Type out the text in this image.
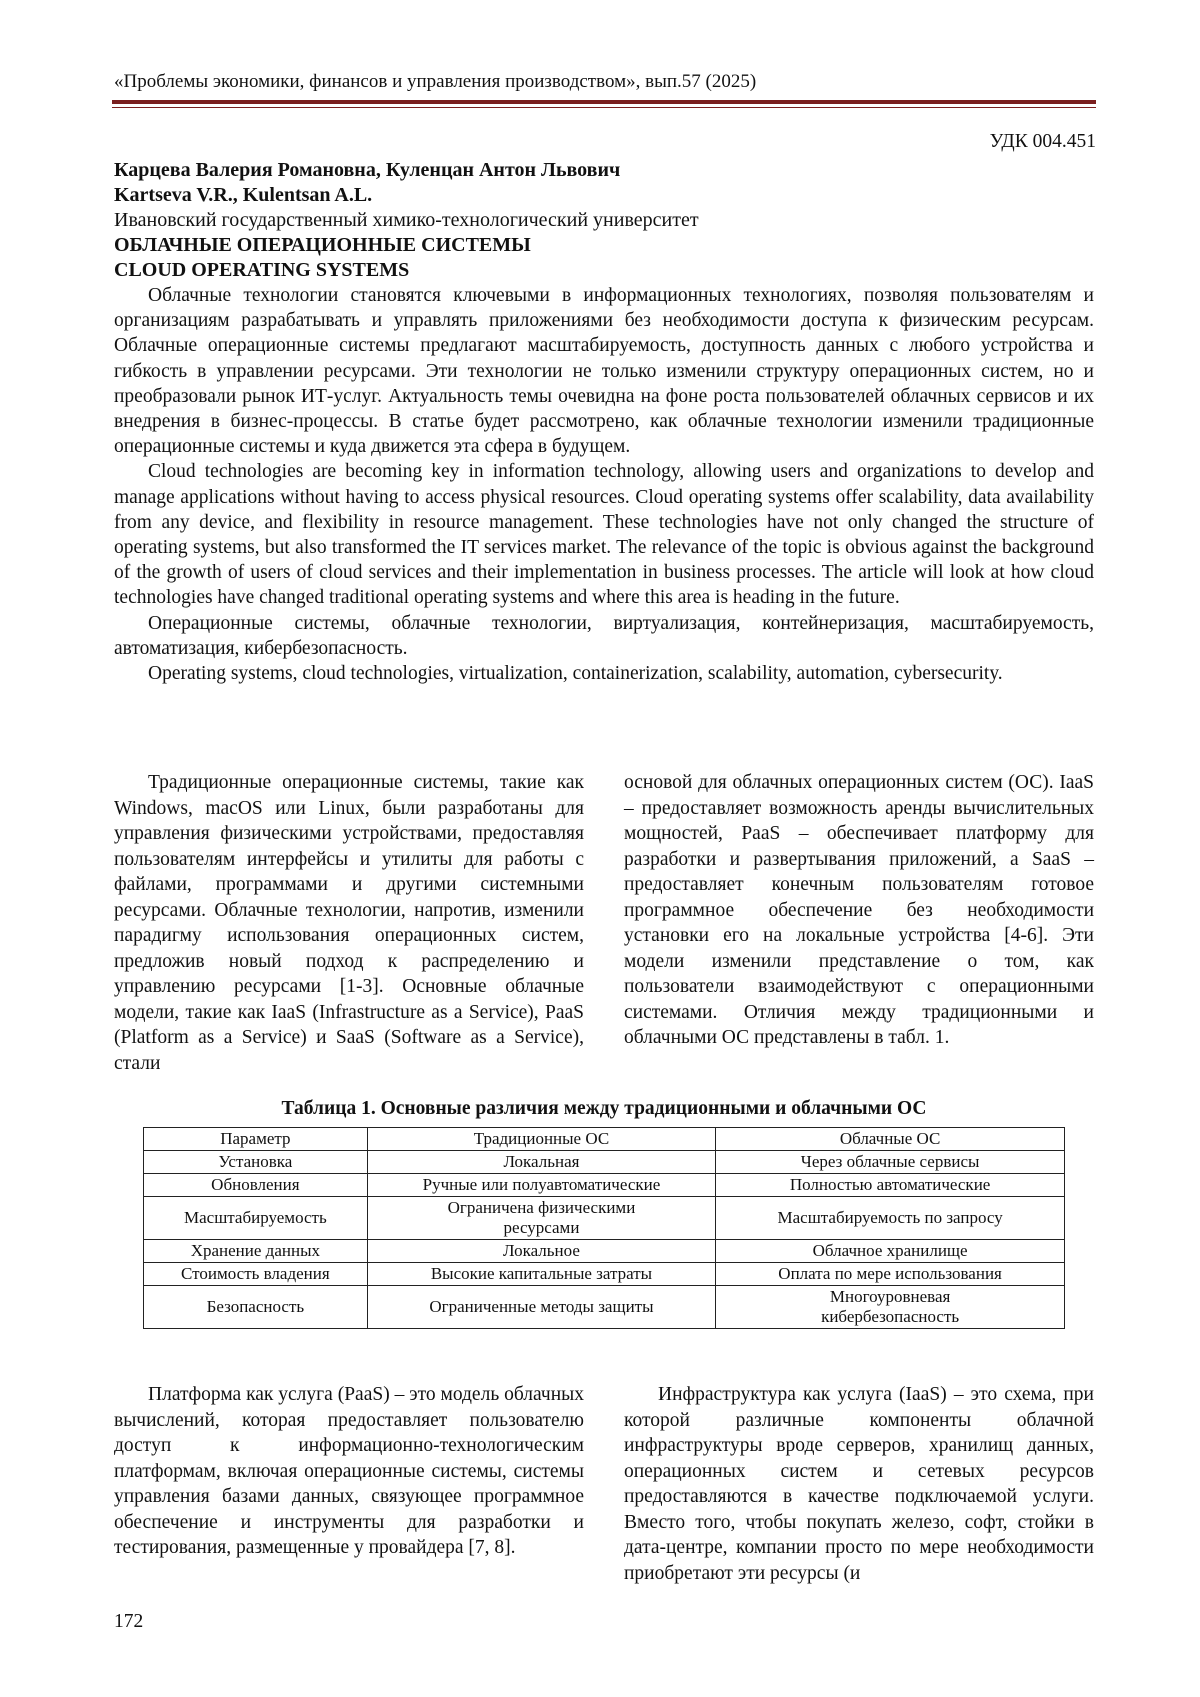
«Проблемы экономики, финансов и управления производством», вып.57 (2025)
УДК 004.451
Карцева Валерия Романовна, Куленцан Антон Львович
Kartseva V.R., Kulentsan A.L.
Ивановский государственный химико-технологический университет
ОБЛАЧНЫЕ ОПЕРАЦИОННЫЕ СИСТЕМЫ
CLOUD OPERATING SYSTEMS

Облачные технологии становятся ключевыми в информационных технологиях, позволяя пользователям и организациям разрабатывать и управлять приложениями без необходимости доступа к физическим ресурсам. Облачные операционные системы предлагают масштабируемость, доступность данных с любого устройства и гибкость в управлении ресурсами. Эти технологии не только изменили структуру операционных систем, но и преобразовали рынок ИТ-услуг. Актуальность темы очевидна на фоне роста пользователей облачных сервисов и их внедрения в бизнес-процессы. В статье будет рассмотрено, как облачные технологии изменили традиционные операционные системы и куда движется эта сфера в будущем.

Cloud technologies are becoming key in information technology, allowing users and organizations to develop and manage applications without having to access physical resources. Cloud operating systems offer scalability, data availability from any device, and flexibility in resource management. These technologies have not only changed the structure of operating systems, but also transformed the IT services market. The relevance of the topic is obvious against the background of the growth of users of cloud services and their implementation in business processes. The article will look at how cloud technologies have changed traditional operating systems and where this area is heading in the future.

Операционные системы, облачные технологии, виртуализация, контейнеризация, масштабируемость, автоматизация, кибербезопасность.

Operating systems, cloud technologies, virtualization, containerization, scalability, automation, cybersecurity.

Традиционные операционные системы, такие как Windows, macOS или Linux, были разработаны для управления физическими устройствами, предоставляя пользователям интерфейсы и утилиты для работы с файлами, программами и другими системными ресурсами. Облачные технологии, напротив, изменили парадигму использования операционных систем, предложив новый подход к распределению и управлению ресурсами [1-3]. Основные облачные модели, такие как IaaS (Infrastructure as a Service), PaaS (Platform as a Service) и SaaS (Software as a Service), стали

основой для облачных операционных систем (ОС). IaaS – предоставляет возможность аренды вычислительных мощностей, PaaS – обеспечивает платформу для разработки и развертывания приложений, а SaaS – предоставляет конечным пользователям готовое программное обеспечение без необходимости установки его на локальные устройства [4-6]. Эти модели изменили представление о том, как пользователи взаимодействуют с операционными системами. Отличия между традиционными и облачными ОС представлены в табл. 1.

Таблица 1. Основные различия между традиционными и облачными ОС
Параметр	Традиционные ОС	Облачные ОС
Установка	Локальная	Через облачные сервисы
Обновления	Ручные или полуавтоматические	Полностью автоматические
Масштабируемость	Ограничена физическими ресурсами	Масштабируемость по запросу
Хранение данных	Локальное	Облачное хранилище
Стоимость владения	Высокие капитальные затраты	Оплата по мере использования
Безопасность	Ограниченные методы защиты	Многоуровневая кибербезопасность

Платформа как услуга (PaaS) – это модель облачных вычислений, которая предоставляет пользователю доступ к информационно-технологическим платформам, включая операционные системы, системы управления базами данных, связующее программное обеспечение и инструменты для разработки и тестирования, размещенные у провайдера [7, 8].

Инфраструктура как услуга (IaaS) – это схема, при которой различные компоненты облачной инфраструктуры вроде серверов, хранилищ данных, операционных систем и сетевых ресурсов предоставляются в качестве подключаемой услуги. Вместо того, чтобы покупать железо, софт, стойки в дата-центре, компании просто по мере необходимости приобретают эти ресурсы (и

172
